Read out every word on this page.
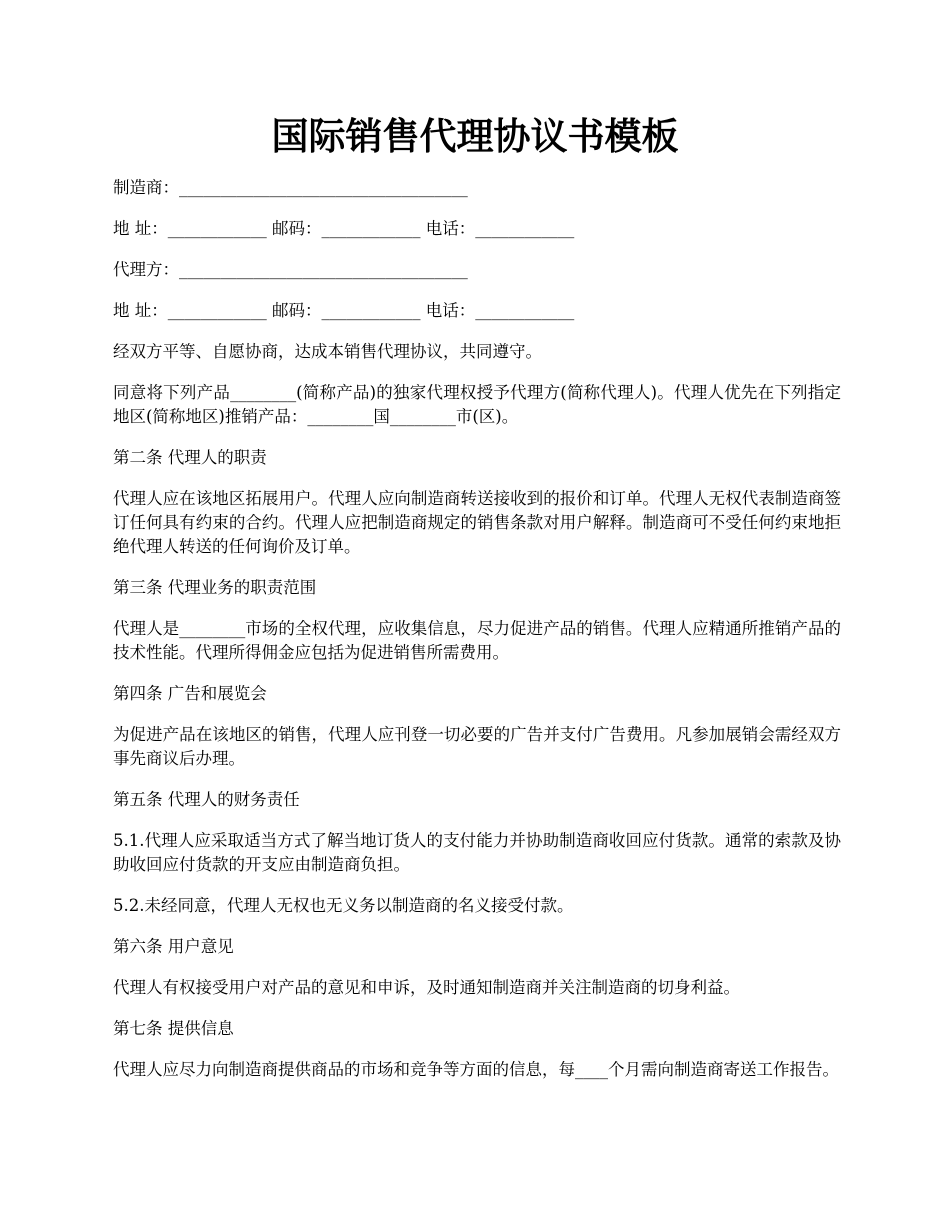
国际销售代理协议书模板

制造商：___________________________________

地 址：____________ 邮码：____________ 电话：____________

代理方：___________________________________

地 址：____________ 邮码：____________ 电话：____________

经双方平等、自愿协商，达成本销售代理协议，共同遵守。

同意将下列产品________(简称产品)的独家代理权授予代理方(简称代理人)。代理人优先在下列指定地区(简称地区)推销产品：________国________市(区)。

第二条 代理人的职责

代理人应在该地区拓展用户。代理人应向制造商转送接收到的报价和订单。代理人无权代表制造商签订任何具有约束的合约。代理人应把制造商规定的销售条款对用户解释。制造商可不受任何约束地拒绝代理人转送的任何询价及订单。

第三条 代理业务的职责范围

代理人是________市场的全权代理，应收集信息，尽力促进产品的销售。代理人应精通所推销产品的技术性能。代理所得佣金应包括为促进销售所需费用。

第四条 广告和展览会

为促进产品在该地区的销售，代理人应刊登一切必要的广告并支付广告费用。凡参加展销会需经双方事先商议后办理。

第五条 代理人的财务责任

5.1.代理人应采取适当方式了解当地订货人的支付能力并协助制造商收回应付货款。通常的索款及协助收回应付货款的开支应由制造商负担。

5.2.未经同意，代理人无权也无义务以制造商的名义接受付款。

第六条 用户意见

代理人有权接受用户对产品的意见和申诉，及时通知制造商并关注制造商的切身利益。

第七条 提供信息

代理人应尽力向制造商提供商品的市场和竞争等方面的信息，每____个月需向制造商寄送工作报告。
